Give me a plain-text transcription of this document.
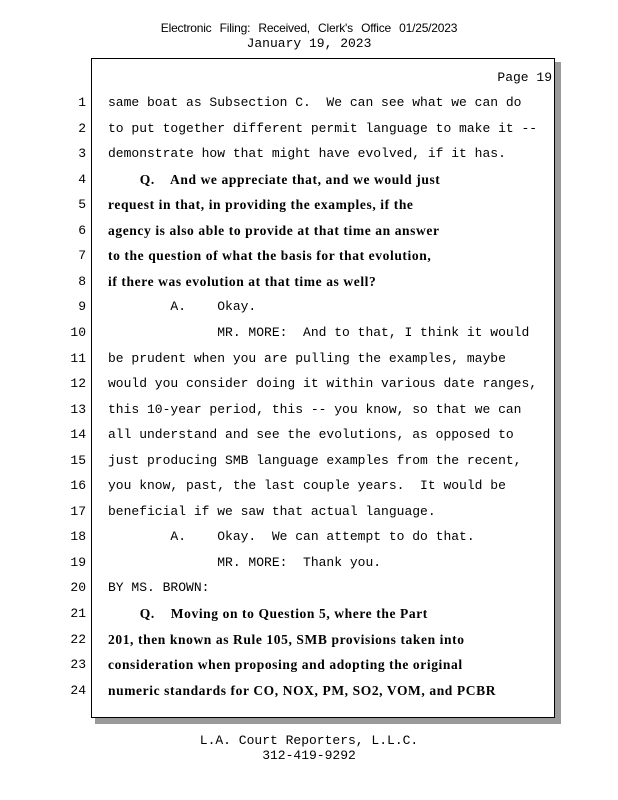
Electronic Filing: Received, Clerk's Office 01/25/2023
January 19, 2023
Page 19
1 same boat as Subsection C.  We can see what we can do
2 to put together different permit language to make it --
3 demonstrate how that might have evolved, if it has.
4 Q.    And we appreciate that, and we would just
5 request in that, in providing the examples, if the
6 agency is also able to provide at that time an answer
7 to the question of what the basis for that evolution,
8 if there was evolution at that time as well?
9 A.    Okay.
10 MR. MORE:  And to that, I think it would
11 be prudent when you are pulling the examples, maybe
12 would you consider doing it within various date ranges,
13 this 10-year period, this -- you know, so that we can
14 all understand and see the evolutions, as opposed to
15 just producing SMB language examples from the recent,
16 you know, past, the last couple years.  It would be
17 beneficial if we saw that actual language.
18 A.    Okay.  We can attempt to do that.
19 MR. MORE:  Thank you.
20 BY MS. BROWN:
21 Q.    Moving on to Question 5, where the Part
22 201, then known as Rule 105, SMB provisions taken into
23 consideration when proposing and adopting the original
24 numeric standards for CO, NOX, PM, SO2, VOM, and PCBR
L.A. Court Reporters, L.L.C.
312-419-9292
